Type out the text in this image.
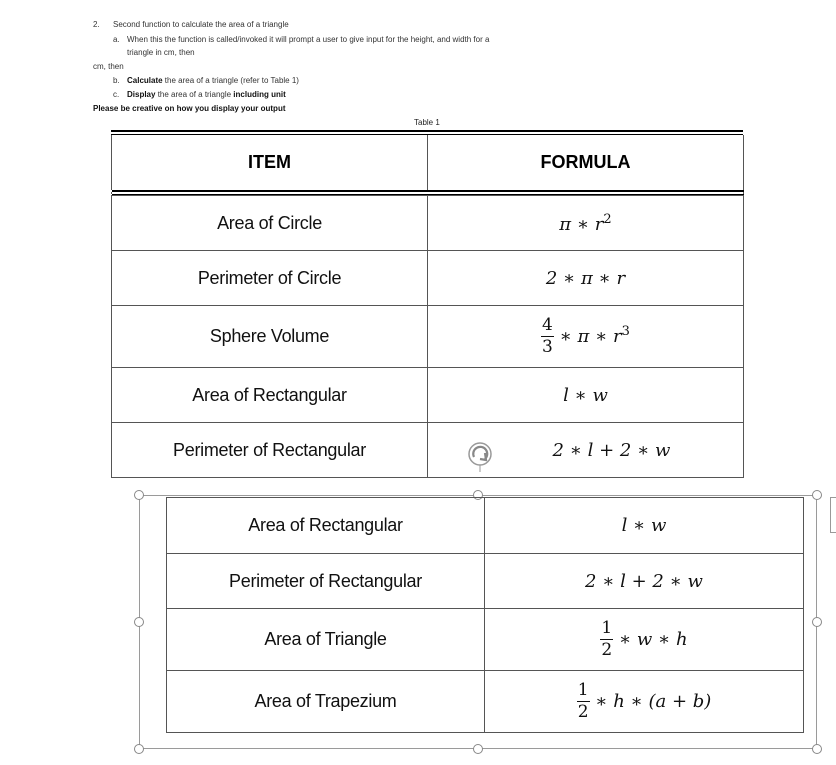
2. Second function to calculate the area of a triangle
a. When this the function is called/invoked it will prompt a user to give input for the height, and width for a
triangle in cm, then
cm, then
b. Calculate the area of a triangle (refer to Table 1)
c. Display the area of a triangle including unit
Please be creative on how you display your output
Table 1
ITEM	FORMULA

Area of Circle	π ∗ $r^2$
Perimeter of Circle	2 ∗ π ∗ r
Sphere Volume	$\frac{4}{3}$ ∗ π ∗ $r^3$
Area of Rectangular	l ∗ w
Perimeter of Rectangular	2 ∗ l + 2 ∗ w
Area of Rectangular	l ∗ w
Perimeter of Rectangular	2 ∗ l + 2 ∗ w
Area of Triangle	$\frac{1}{2}$ ∗ w ∗ h
Area of Trapezium	$\frac{1}{2}$ ∗ h ∗ (a + b)
